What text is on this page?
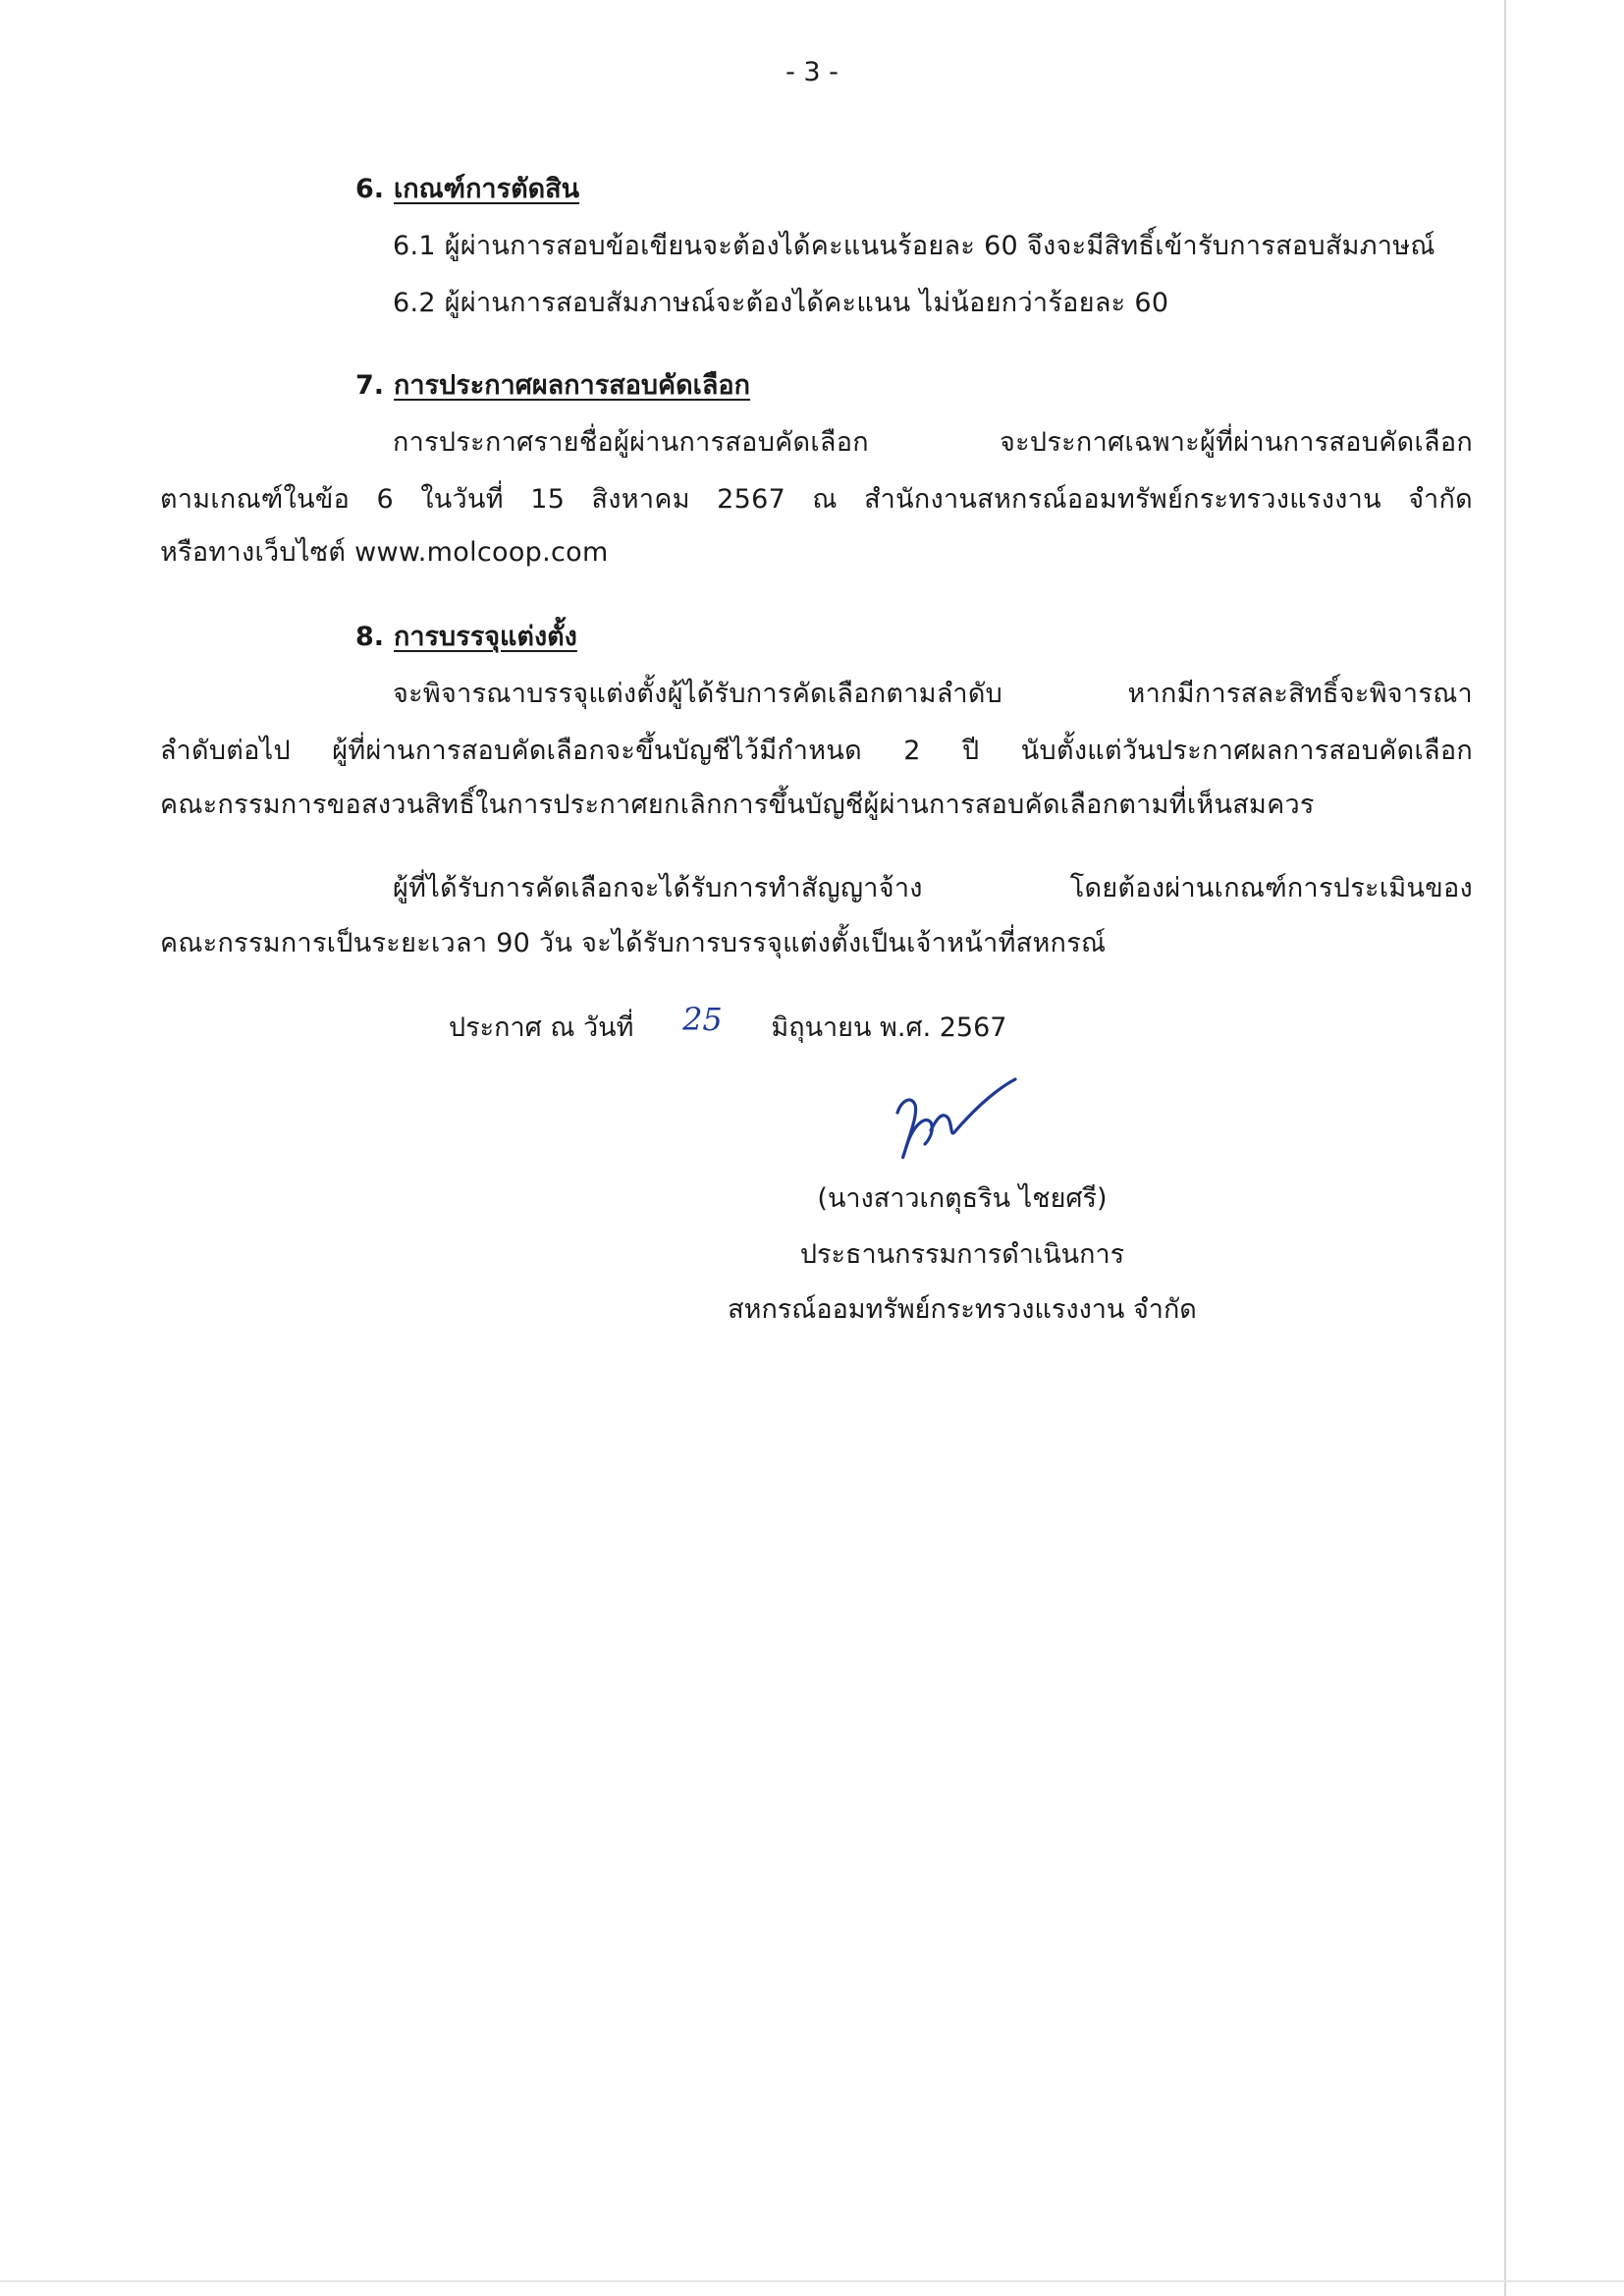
- 3 -
6. เกณฑ์การตัดสิน
6.1 ผู้ผ่านการสอบข้อเขียนจะต้องได้คะแนนร้อยละ 60 จึงจะมีสิทธิ์เข้ารับการสอบสัมภาษณ์
6.2 ผู้ผ่านการสอบสัมภาษณ์จะต้องได้คะแนน ไม่น้อยกว่าร้อยละ 60
7. การประกาศผลการสอบคัดเลือก
การประกาศรายชื่อผู้ผ่านการสอบคัดเลือก จะประกาศเฉพาะผู้ที่ผ่านการสอบคัดเลือก
ตามเกณฑ์ในข้อ 6 ในวันที่ 15 สิงหาคม 2567 ณ สำนักงานสหกรณ์ออมทรัพย์กระทรวงแรงงาน จำกัด
หรือทางเว็บไซต์ www.molcoop.com
8. การบรรจุแต่งตั้ง
จะพิจารณาบรรจุแต่งตั้งผู้ได้รับการคัดเลือกตามลำดับ หากมีการสละสิทธิ์จะพิจารณา
ลำดับต่อไป ผู้ที่ผ่านการสอบคัดเลือกจะขึ้นบัญชีไว้มีกำหนด 2 ปี นับตั้งแต่วันประกาศผลการสอบคัดเลือก
คณะกรรมการขอสงวนสิทธิ์ในการประกาศยกเลิกการขึ้นบัญชีผู้ผ่านการสอบคัดเลือกตามที่เห็นสมควร
ผู้ที่ได้รับการคัดเลือกจะได้รับการทำสัญญาจ้าง โดยต้องผ่านเกณฑ์การประเมินของ
คณะกรรมการเป็นระยะเวลา 90 วัน จะได้รับการบรรจุแต่งตั้งเป็นเจ้าหน้าที่สหกรณ์
ประกาศ ณ วันที่ 25 มิถุนายน พ.ศ. 2567
(นางสาวเกตุธริน ไชยศรี)
ประธานกรรมการดำเนินการ
สหกรณ์ออมทรัพย์กระทรวงแรงงาน จำกัด
